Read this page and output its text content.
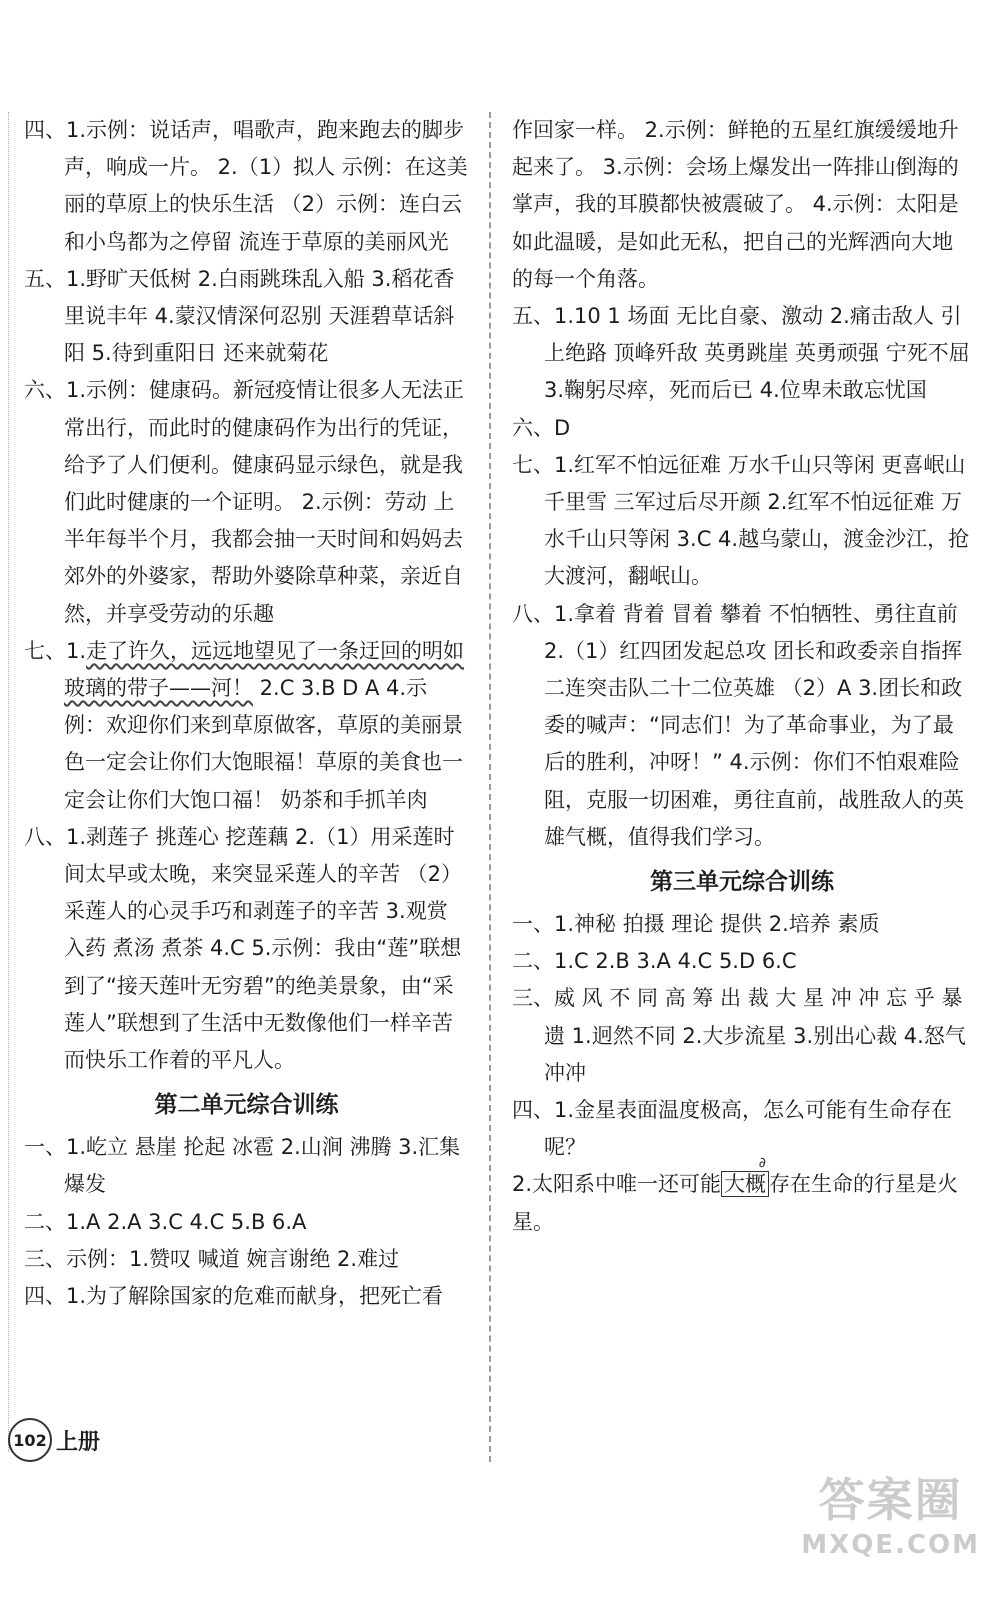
四、1.示例：说话声，唱歌声，跑来跑去的脚步声，响成一片。 2.（1）拟人 示例：在这美丽的草原上的快乐生活 （2）示例：连白云和小鸟都为之停留 流连于草原的美丽风光

五、1.野旷天低树 2.白雨跳珠乱入船 3.稻花香里说丰年 4.蒙汉情深何忍别 天涯碧草话斜阳 5.待到重阳日 还来就菊花

六、1.示例：健康码。新冠疫情让很多人无法正常出行，而此时的健康码作为出行的凭证，给予了人们便利。健康码显示绿色，就是我们此时健康的一个证明。 2.示例：劳动 上半年每半个月，我都会抽一天时间和妈妈去郊外的外婆家，帮助外婆除草种菜，亲近自然，并享受劳动的乐趣

七、1.走了许久，远远地望见了一条迂回的明如玻璃的带子——河！ 2.C 3.B D A 4.示例：欢迎你们来到草原做客，草原的美丽景色一定会让你们大饱眼福！草原的美食也一定会让你们大饱口福！ 奶茶和手抓羊肉

八、1.剥莲子 挑莲心 挖莲藕 2.（1）用采莲时间太早或太晚，来突显采莲人的辛苦 （2）采莲人的心灵手巧和剥莲子的辛苦 3.观赏 入药 煮汤 煮茶 4.C 5.示例：我由“莲”联想到了“接天莲叶无穷碧”的绝美景象，由“采莲人”联想到了生活中无数像他们一样辛苦而快乐工作着的平凡人。

第二单元综合训练

一、1.屹立 悬崖 抡起 冰雹 2.山涧 沸腾 3.汇集 爆发

二、1.A 2.A 3.C 4.C 5.B 6.A

三、示例：1.赞叹 喊道 婉言谢绝 2.难过

四、1.为了解除国家的危难而献身，把死亡看

作回家一样。 2.示例：鲜艳的五星红旗缓缓地升起来了。 3.示例：会场上爆发出一阵排山倒海的掌声，我的耳膜都快被震破了。 4.示例：太阳是如此温暖，是如此无私，把自己的光辉洒向大地的每一个角落。

五、1.10 1 场面 无比自豪、激动 2.痛击敌人 引上绝路 顶峰歼敌 英勇跳崖 英勇顽强 宁死不屈 3.鞠躬尽瘁，死而后已 4.位卑未敢忘忧国

六、D

七、1.红军不怕远征难 万水千山只等闲 更喜岷山千里雪 三军过后尽开颜 2.红军不怕远征难 万水千山只等闲 3.C 4.越乌蒙山，渡金沙江，抢大渡河，翻岷山。

八、1.拿着 背着 冒着 攀着 不怕牺牲、勇往直前 2.（1）红四团发起总攻 团长和政委亲自指挥 二连突击队二十二位英雄 （2）A 3.团长和政委的喊声：“同志们！为了革命事业，为了最后的胜利，冲呀！” 4.示例：你们不怕艰难险阻，克服一切困难，勇往直前，战胜敌人的英雄气概，值得我们学习。

第三单元综合训练

一、1.神秘 拍摄 理论 提供 2.培养 素质

二、1.C 2.B 3.A 4.C 5.D 6.C

三、威 风 不 同 高 筹 出 裁 大 星 冲 冲 忘 乎 暴 遗 1.迥然不同 2.大步流星 3.别出心裁 4.怒气冲冲

四、1.金星表面温度极高，怎么可能有生命存在呢？

2.太阳系中唯一还可能
∂
大概 存在生命的行星是火星。

102 上册
答案圈
MXQE.COM
